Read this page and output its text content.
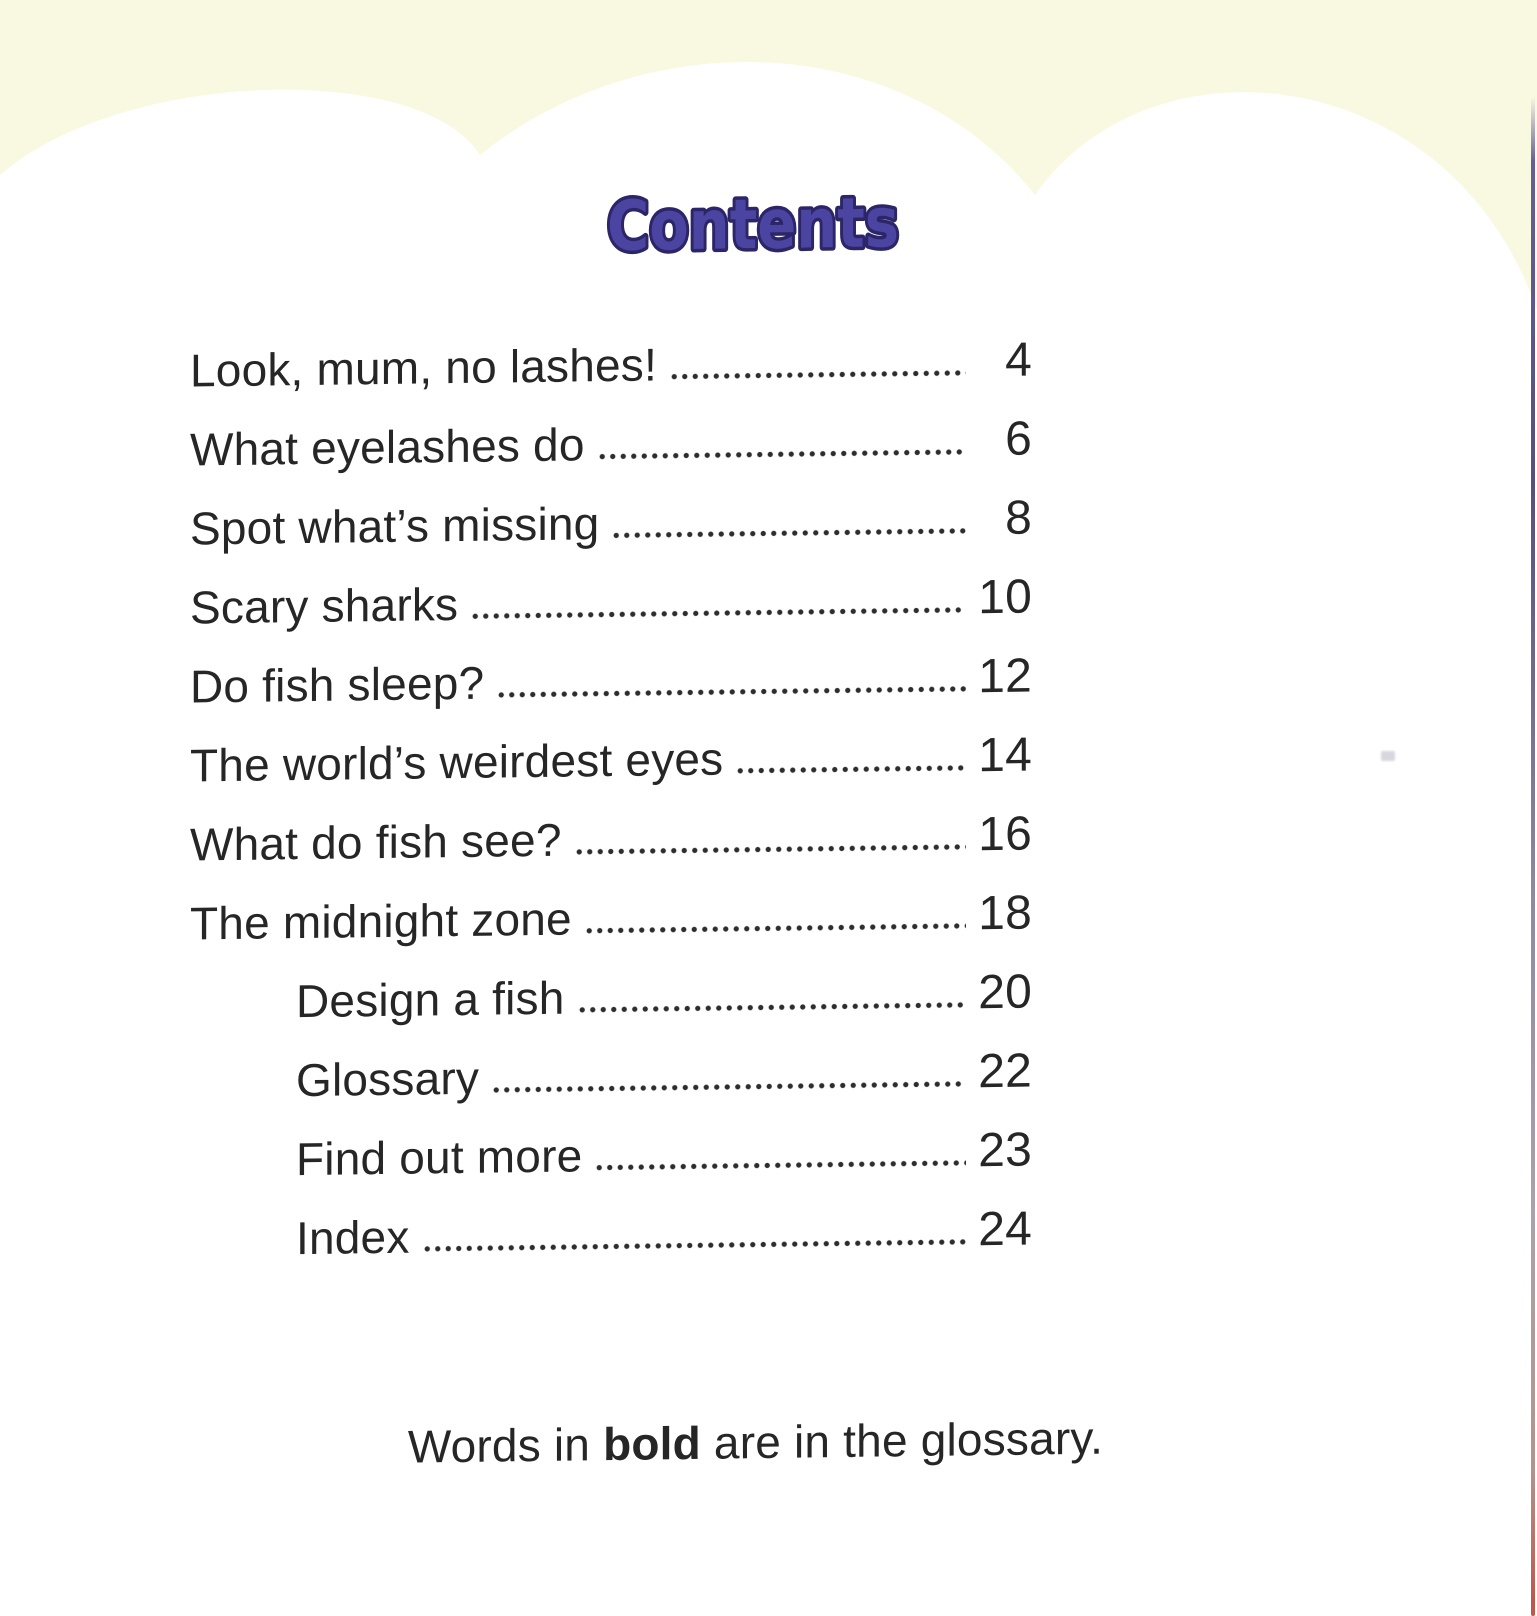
Contents
Look, mum, no lashes!	4
What eyelashes do	6
Spot what’s missing	8
Scary sharks	10
Do fish sleep?	12
The world’s weirdest eyes	14
What do fish see?	16
The midnight zone	18
Design a fish	20
Glossary	22
Find out more	23
Index	24

Words in bold are in the glossary.
